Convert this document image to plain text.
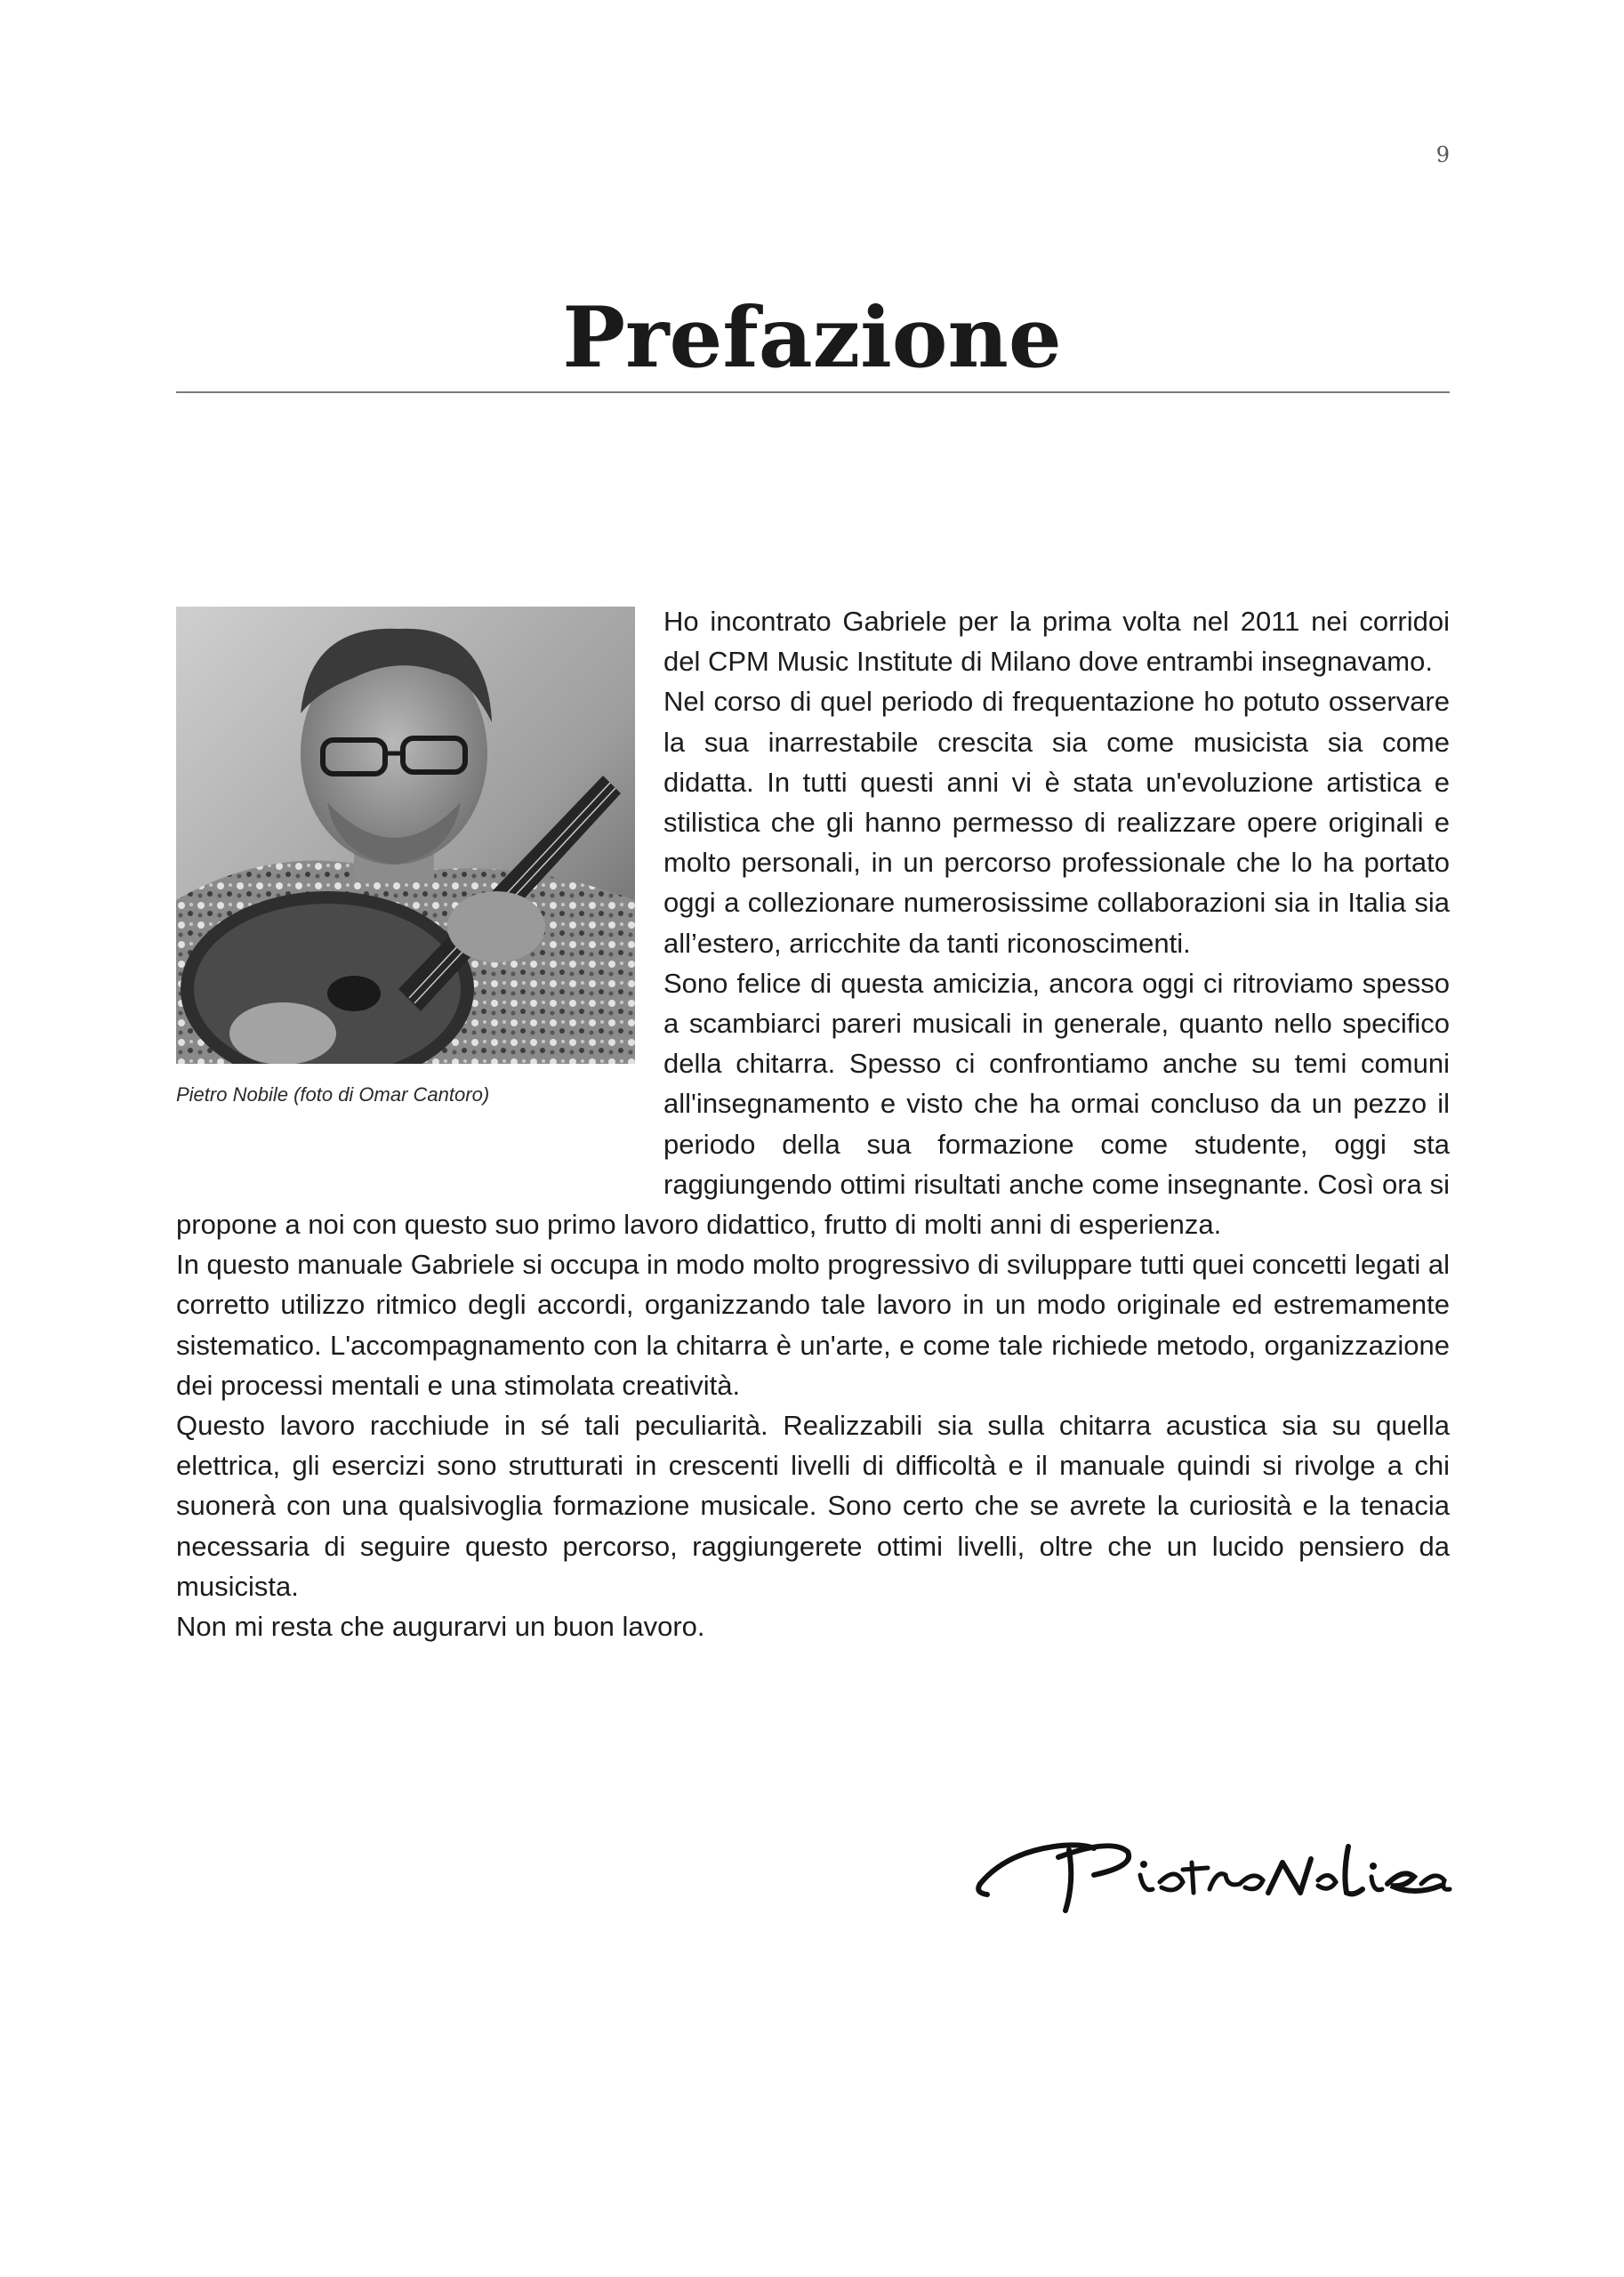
9
Prefazione
Pietro Nobile (foto di Omar Cantoro)

Ho incontrato Gabriele per la prima volta nel 2011 nei corridoi del CPM Music Institute di Milano dove entrambi insegnavamo.

Nel corso di quel periodo di frequentazione ho potuto osservare la sua inarrestabile crescita sia come musicista sia come didatta. In tutti questi anni vi è stata un'evoluzione artistica e stilistica che gli hanno permesso di realizzare opere originali e molto personali, in un percorso professionale che lo ha portato oggi a collezionare numerosissime collaborazioni sia in Italia sia all’estero, arricchite da tanti riconoscimenti.

Sono felice di questa amicizia, ancora oggi ci ritroviamo spesso a scambiarci pareri musicali in generale, quanto nello specifico della chitarra. Spesso ci confrontiamo anche su temi comuni all'insegnamento e visto che ha ormai concluso da un pezzo il periodo della sua formazione come studente, oggi sta raggiungendo ottimi risultati anche come insegnante. Così ora si propone a noi con questo suo primo lavoro didattico, frutto di molti anni di esperienza.

In questo manuale Gabriele si occupa in modo molto progressivo di sviluppare tutti quei concetti legati al corretto utilizzo ritmico degli accordi, organizzando tale lavoro in un modo originale ed estremamente sistematico. L'accompagnamento con la chitarra è un'arte, e come tale richiede metodo, organizzazione dei processi mentali e una stimolata creatività.

Questo lavoro racchiude in sé tali peculiarità. Realizzabili sia sulla chitarra acustica sia su quella elettrica, gli esercizi sono strutturati in crescenti livelli di difficoltà e il manuale quindi si rivolge a chi suonerà con una qualsivoglia formazione musicale. Sono certo che se avrete la curiosità e la tenacia necessaria di seguire questo percorso, raggiungerete ottimi livelli, oltre che un lucido pensiero da musicista.

Non mi resta che augurarvi un buon lavoro.
